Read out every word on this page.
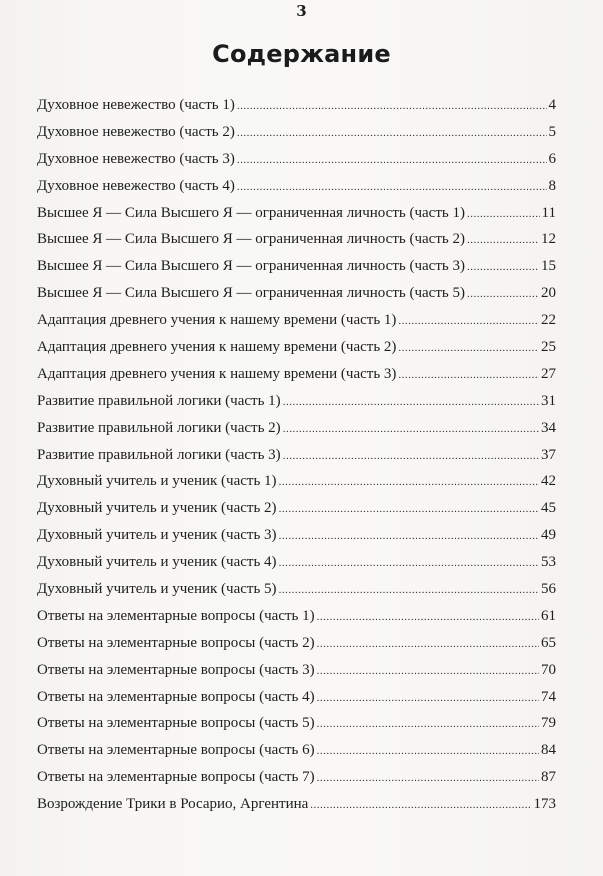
3
Содержание
Духовное невежество (часть 1) .....	4
Духовное невежество (часть 2) .....	5
Духовное невежество (часть 3) .....	6
Духовное невежество (часть 4) .....	8
Высшее Я — Сила Высшего Я — ограниченная личность (часть 1) .....	11
Высшее Я — Сила Высшего Я — ограниченная личность (часть 2) .....	12
Высшее Я — Сила Высшего Я — ограниченная личность (часть 3) .....	15
Высшее Я — Сила Высшего Я — ограниченная личность (часть 5) .....	20
Адаптация древнего учения к нашему времени (часть 1) .....	22
Адаптация древнего учения к нашему времени (часть 2) .....	25
Адаптация древнего учения к нашему времени (часть 3) .....	27
Развитие правильной логики (часть 1) .....	31
Развитие правильной логики (часть 2) .....	34
Развитие правильной логики (часть 3) .....	37
Духовный учитель и ученик (часть 1) .....	42
Духовный учитель и ученик (часть 2) .....	45
Духовный учитель и ученик (часть 3) .....	49
Духовный учитель и ученик (часть 4) .....	53
Духовный учитель и ученик (часть 5) .....	56
Ответы на элементарные вопросы (часть 1) .....	61
Ответы на элементарные вопросы (часть 2) .....	65
Ответы на элементарные вопросы (часть 3) .....	70
Ответы на элементарные вопросы (часть 4) .....	74
Ответы на элементарные вопросы (часть 5) .....	79
Ответы на элементарные вопросы (часть 6) .....	84
Ответы на элементарные вопросы (часть 7) .....	87
Возрождение Трики в Росарио, Аргентина .....	173
